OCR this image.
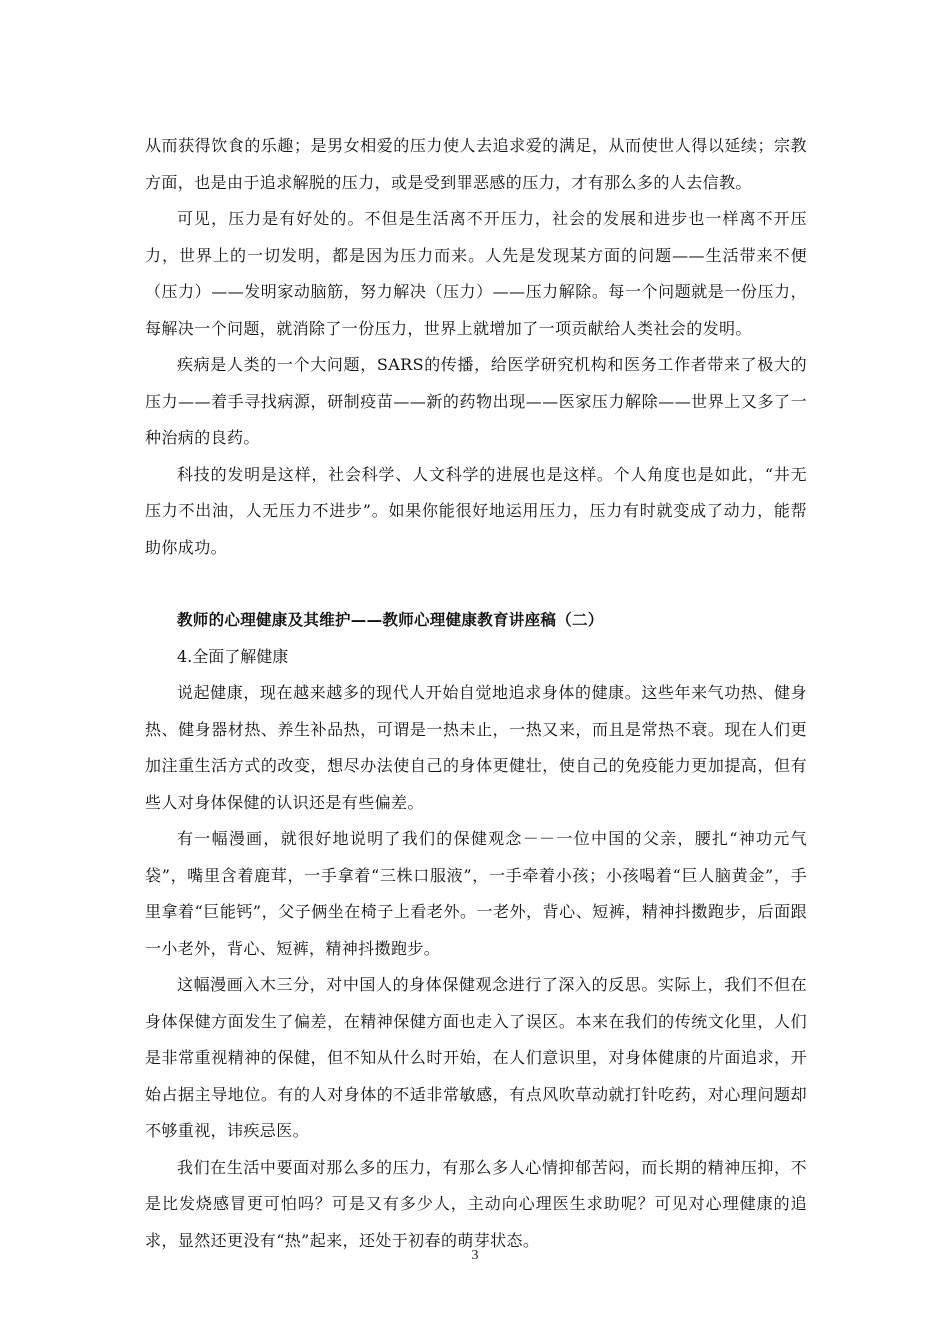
从而获得饮食的乐趣；是男女相爱的压力使人去追求爱的满足，从而使世人得以延续；宗教方面，也是由于追求解脱的压力，或是受到罪恶感的压力，才有那么多的人去信教。

可见，压力是有好处的。不但是生活离不开压力，社会的发展和进步也一样离不开压力，世界上的一切发明，都是因为压力而来。人先是发现某方面的问题——生活带来不便（压力）——发明家动脑筋，努力解决（压力）——压力解除。每一个问题就是一份压力，每解决一个问题，就消除了一份压力，世界上就增加了一项贡献给人类社会的发明。

疾病是人类的一个大问题，SARS的传播，给医学研究机构和医务工作者带来了极大的压力——着手寻找病源，研制疫苗——新的药物出现——医家压力解除——世界上又多了一种治病的良药。

科技的发明是这样，社会科学、人文科学的进展也是这样。个人角度也是如此，“井无压力不出油，人无压力不进步”。如果你能很好地运用压力，压力有时就变成了动力，能帮助你成功。

教师的心理健康及其维护——教师心理健康教育讲座稿（二）

4.全面了解健康

说起健康，现在越来越多的现代人开始自觉地追求身体的健康。这些年来气功热、健身热、健身器材热、养生补品热，可谓是一热未止，一热又来，而且是常热不衰。现在人们更加注重生活方式的改变，想尽办法使自己的身体更健壮，使自己的免疫能力更加提高，但有些人对身体保健的认识还是有些偏差。

有一幅漫画，就很好地说明了我们的保健观念－－一位中国的父亲，腰扎“神功元气袋”，嘴里含着鹿茸，一手拿着“三株口服液”，一手牵着小孩；小孩喝着“巨人脑黄金”，手里拿着“巨能钙”，父子俩坐在椅子上看老外。一老外，背心、短裤，精神抖擞跑步，后面跟一小老外，背心、短裤，精神抖擞跑步。

这幅漫画入木三分，对中国人的身体保健观念进行了深入的反思。实际上，我们不但在身体保健方面发生了偏差，在精神保健方面也走入了误区。本来在我们的传统文化里，人们是非常重视精神的保健，但不知从什么时开始，在人们意识里，对身体健康的片面追求，开始占据主导地位。有的人对身体的不适非常敏感，有点风吹草动就打针吃药，对心理问题却不够重视，讳疾忌医。

我们在生活中要面对那么多的压力，有那么多人心情抑郁苦闷，而长期的精神压抑，不是比发烧感冒更可怕吗？可是又有多少人，主动向心理医生求助呢？可见对心理健康的追求，显然还更没有“热”起来，还处于初春的萌芽状态。

3
